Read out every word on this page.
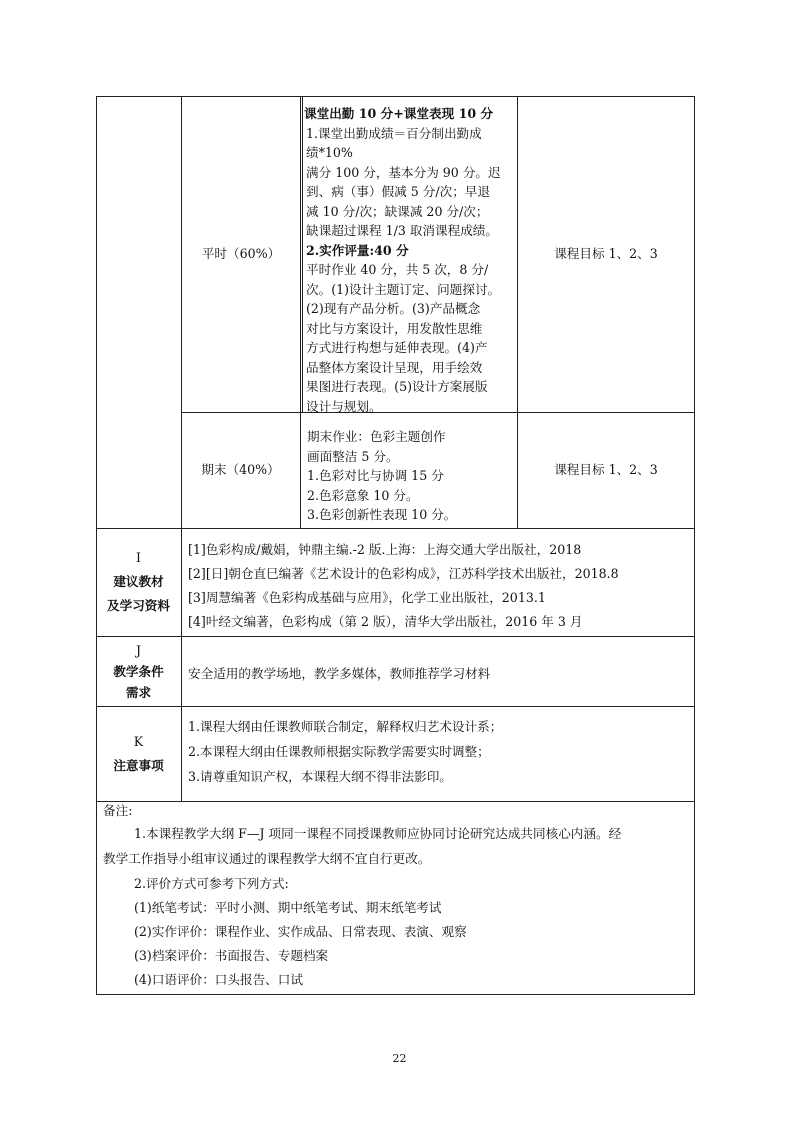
平时（60%）
课堂出勤 10 分+课堂表现 10 分
1.课堂出勤成绩＝百分制出勤成
绩*10%
满分 100 分，基本分为 90 分。迟
到、病（事）假减 5 分/次；早退
减 10 分/次；缺课减 20 分/次；
缺课超过课程 1/3 取消课程成绩。
2.实作评量:40 分
平时作业 40 分，共 5 次，8 分/
次。(1)设计主题订定、问题探讨。
(2)现有产品分析。(3)产品概念
对比与方案设计，用发散性思维
方式进行构想与延伸表现。(4)产
品整体方案设计呈现，用手绘效
果图进行表现。(5)设计方案展版
设计与规划。
课程目标 1、2、3
期末（40%）
期末作业：色彩主题创作
画面整洁 5 分。
1.色彩对比与协调 15 分
2.色彩意象 10 分。
3.色彩创新性表现 10 分。
课程目标 1、2、3
I
建议教材
及学习资料
[1]色彩构成/戴娟，钟鼎主编.-2 版.上海：上海交通大学出版社，2018
[2][日]朝仓直巳编著《艺术设计的色彩构成》，江苏科学技术出版社，2018.8
[3]周慧编著《色彩构成基础与应用》，化学工业出版社，2013.1
[4]叶经文编著，色彩构成（第 2 版），清华大学出版社，2016 年 3 月
J
教学条件
需求
安全适用的教学场地，教学多媒体，教师推荐学习材料
K
注意事项
1.课程大纲由任课教师联合制定，解释权归艺术设计系；
2.本课程大纲由任课教师根据实际教学需要实时调整；
3.请尊重知识产权，本课程大纲不得非法影印。
备注:
1.本课程教学大纲 F—J 项同一课程不同授课教师应协同讨论研究达成共同核心内涵。经
教学工作指导小组审议通过的课程教学大纲不宜自行更改。
2.评价方式可参考下列方式:
(1)纸笔考试：平时小测、期中纸笔考试、期末纸笔考试
(2)实作评价：课程作业、实作成品、日常表现、表演、观察
(3)档案评价：书面报告、专题档案
(4)口语评价：口头报告、口试
22
